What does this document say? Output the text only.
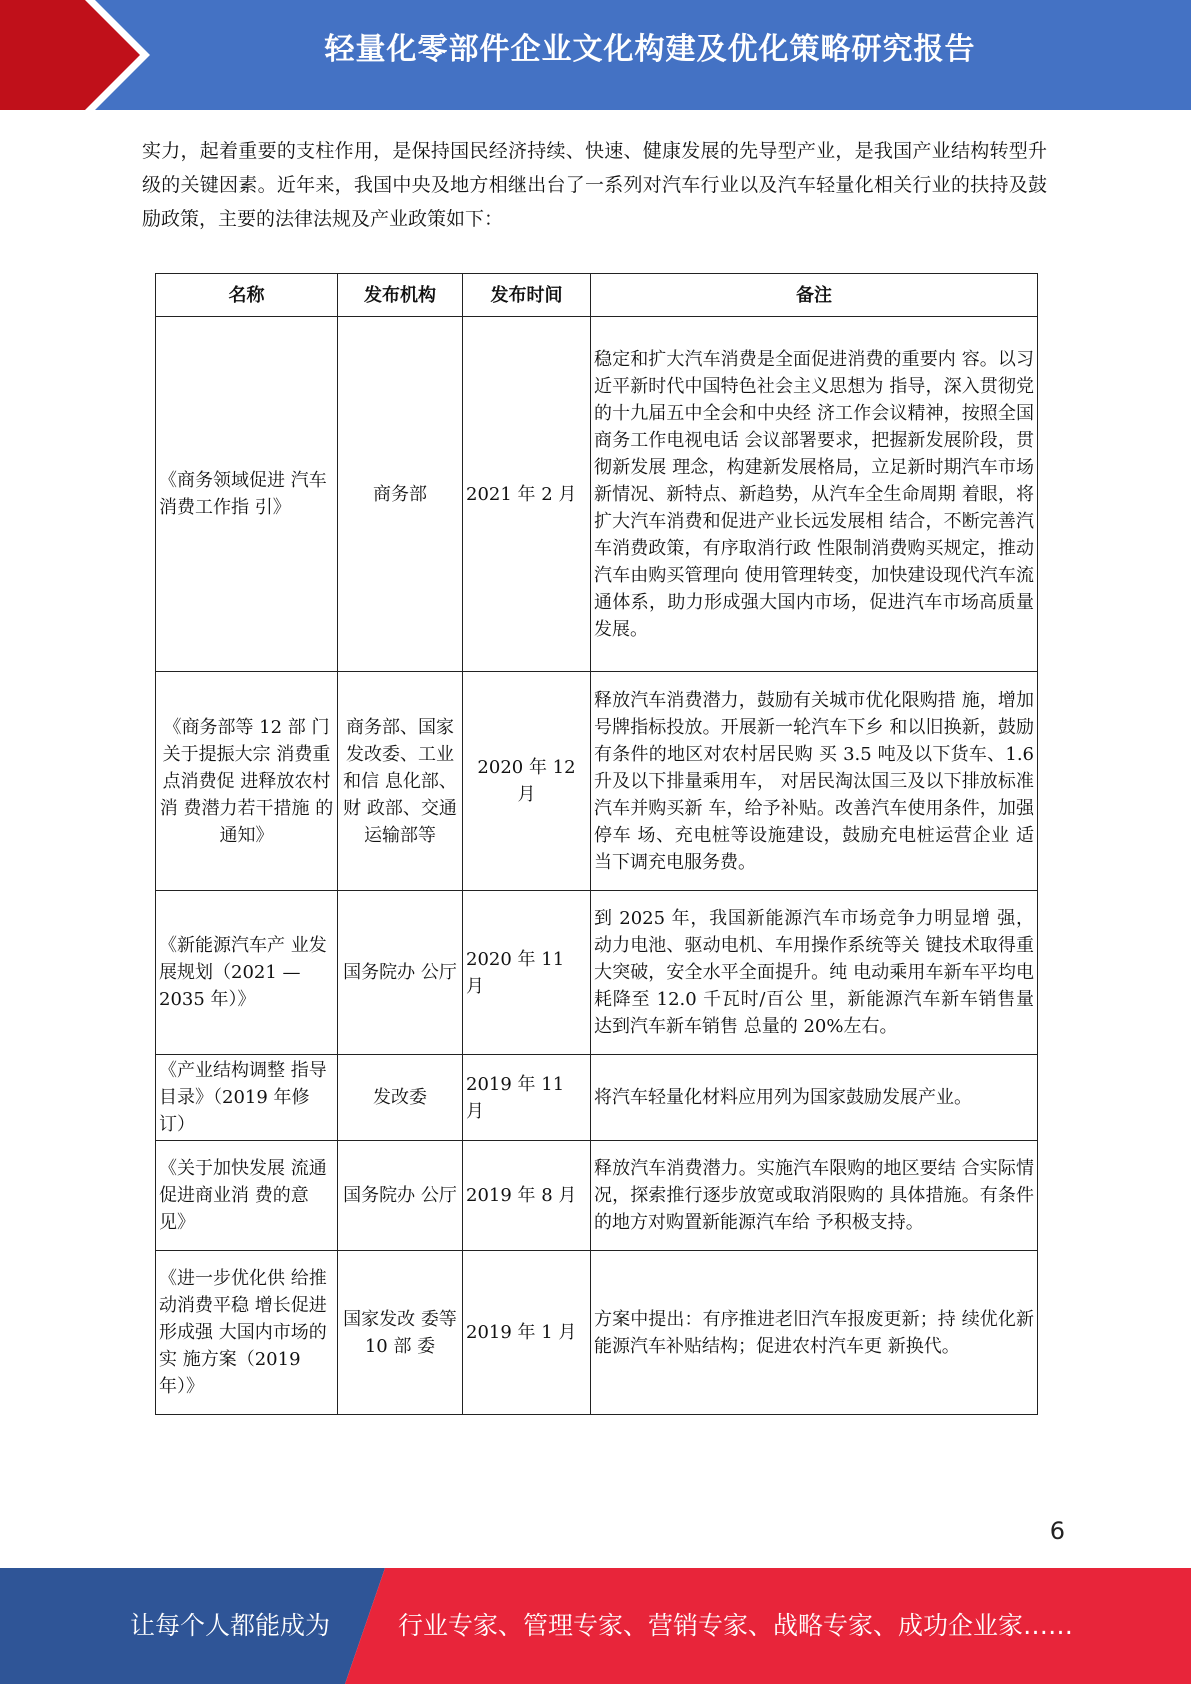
轻量化零部件企业文化构建及优化策略研究报告

实力，起着重要的支柱作用，是保持国民经济持续、快速、健康发展的先导型产业，是我国产业结构转型升级的关键因素。近年来，我国中央及地方相继出台了一系列对汽车行业以及汽车轻量化相关行业的扶持及鼓励政策，主要的法律法规及产业政策如下：

名称	发布机构	发布时间	备注
《商务领域促进 汽车消费工作指 引》	商务部	2021 年 2 月	稳定和扩大汽车消费是全面促进消费的重要内 容。以习近平新时代中国特色社会主义思想为 指导，深入贯彻党的十九届五中全会和中央经 济工作会议精神，按照全国商务工作电视电话 会议部署要求，把握新发展阶段，贯彻新发展 理念，构建新发展格局，立足新时期汽车市场 新情况、新特点、新趋势，从汽车全生命周期 着眼，将扩大汽车消费和促进产业长远发展相 结合，不断完善汽车消费政策，有序取消行政 性限制消费购买规定，推动汽车由购买管理向 使用管理转变，加快建设现代汽车流通体系，助力形成强大国内市场，促进汽车市场高质量 发展。
《商务部等 12 部 门关于提振大宗 消费重点消费促 进释放农村消 费潜力若干措施 的通知》	商务部、国家发改委、工业和信 息化部、财 政部、交通运输部等	2020 年 12 月	释放汽车消费潜力，鼓励有关城市优化限购措 施，增加号牌指标投放。开展新一轮汽车下乡 和以旧换新，鼓励有条件的地区对农村居民购 买 3.5 吨及以下货车、1.6 升及以下排量乘用车， 对居民淘汰国三及以下排放标准汽车并购买新 车，给予补贴。改善汽车使用条件，加强停车 场、充电桩等设施建设，鼓励充电桩运营企业 适当下调充电服务费。
《新能源汽车产 业发展规划（2021 —2035 年）》	国务院办 公厅	2020 年 11 月	到 2025 年，我国新能源汽车市场竞争力明显增 强，动力电池、驱动电机、车用操作系统等关 键技术取得重大突破，安全水平全面提升。纯 电动乘用车新车平均电耗降至 12.0 千瓦时/百公 里，新能源汽车新车销售量达到汽车新车销售 总量的 20%左右。
《产业结构调整 指导目录》（2019 年修订）	发改委	2019 年 11 月	将汽车轻量化材料应用列为国家鼓励发展产业。
《关于加快发展 流通促进商业消 费的意见》	国务院办 公厅	2019 年 8 月	释放汽车消费潜力。实施汽车限购的地区要结 合实际情况，探索推行逐步放宽或取消限购的 具体措施。有条件的地方对购置新能源汽车给 予积极支持。
《进一步优化供 给推动消费平稳 增长促进形成强 大国内市场的实 施方案（2019 年）》	国家发改 委等 10 部 委	2019 年 1 月	方案中提出：有序推进老旧汽车报废更新；持 续优化新能源汽车补贴结构；促进农村汽车更 新换代。
6
让每个人都能成为	行业专家、管理专家、营销专家、战略专家、成功企业家……
